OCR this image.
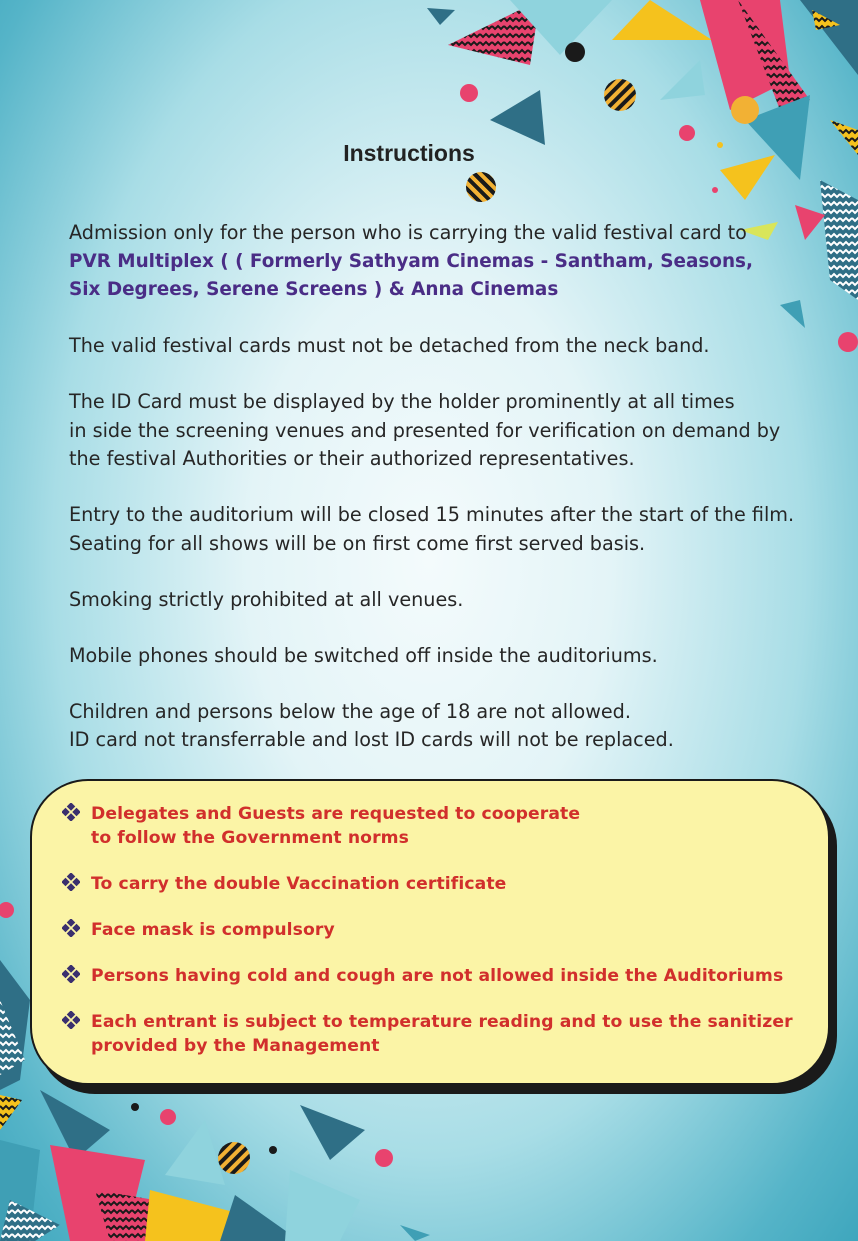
Instructions

Admission only for the person who is carrying the valid festival card to
PVR Multiplex ( ( Formerly Sathyam Cinemas - Santham, Seasons,
Six Degrees, Serene Screens ) & Anna Cinemas

The valid festival cards must not be detached from the neck band.

The ID Card must be displayed by the holder prominently at all times
in side the screening venues and presented for verification on demand by
the festival Authorities or their authorized representatives.

Entry to the auditorium will be closed 15 minutes after the start of the film.
Seating for all shows will be on first come first served basis.

Smoking strictly prohibited at all venues.

Mobile phones should be switched off inside the auditoriums.

Children and persons below the age of 18 are not allowed.
ID card not transferrable and lost ID cards will not be replaced.

Delegates and Guests are requested to cooperate
to follow the Government norms
To carry the double Vaccination certificate
Face mask is compulsory
Persons having cold and cough are not allowed inside the Auditoriums
Each entrant is subject to temperature reading and to use the sanitizer
provided by the Management
